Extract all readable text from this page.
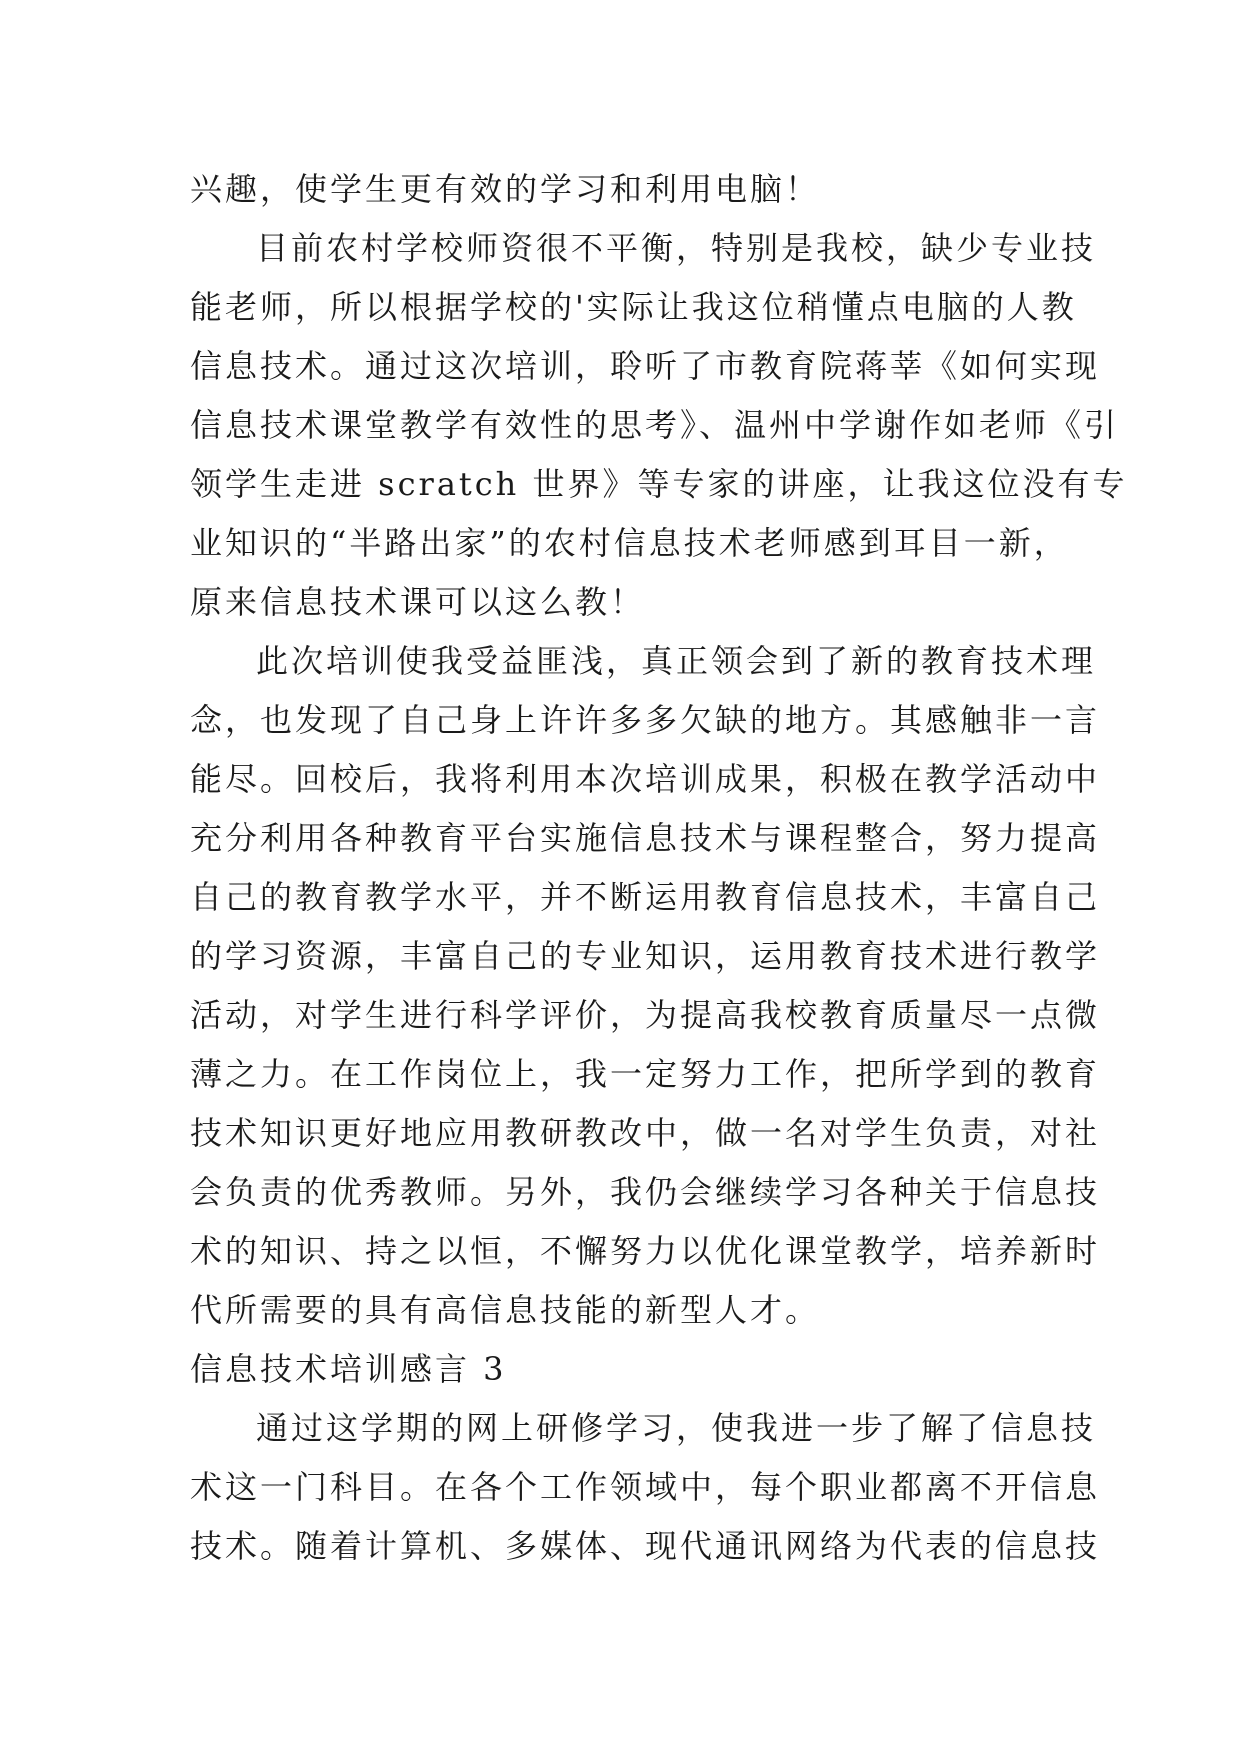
兴趣，使学生更有效的学习和利用电脑！
目前农村学校师资很不平衡，特别是我校，缺少专业技
能老师，所以根据学校的'实际让我这位稍懂点电脑的人教
信息技术。通过这次培训，聆听了市教育院蒋莘《如何实现
信息技术课堂教学有效性的思考》、温州中学谢作如老师《引
领学生走进 scratch 世界》等专家的讲座，让我这位没有专
业知识的“半路出家”的农村信息技术老师感到耳目一新，
原来信息技术课可以这么教！
此次培训使我受益匪浅，真正领会到了新的教育技术理
念，也发现了自己身上许许多多欠缺的地方。其感触非一言
能尽。回校后，我将利用本次培训成果，积极在教学活动中
充分利用各种教育平台实施信息技术与课程整合，努力提高
自己的教育教学水平，并不断运用教育信息技术，丰富自己
的学习资源，丰富自己的专业知识，运用教育技术进行教学
活动，对学生进行科学评价，为提高我校教育质量尽一点微
薄之力。在工作岗位上，我一定努力工作，把所学到的教育
技术知识更好地应用教研教改中，做一名对学生负责，对社
会负责的优秀教师。另外，我仍会继续学习各种关于信息技
术的知识、持之以恒，不懈努力以优化课堂教学，培养新时
代所需要的具有高信息技能的新型人才。
信息技术培训感言 3
通过这学期的网上研修学习，使我进一步了解了信息技
术这一门科目。在各个工作领域中，每个职业都离不开信息
技术。随着计算机、多媒体、现代通讯网络为代表的信息技
